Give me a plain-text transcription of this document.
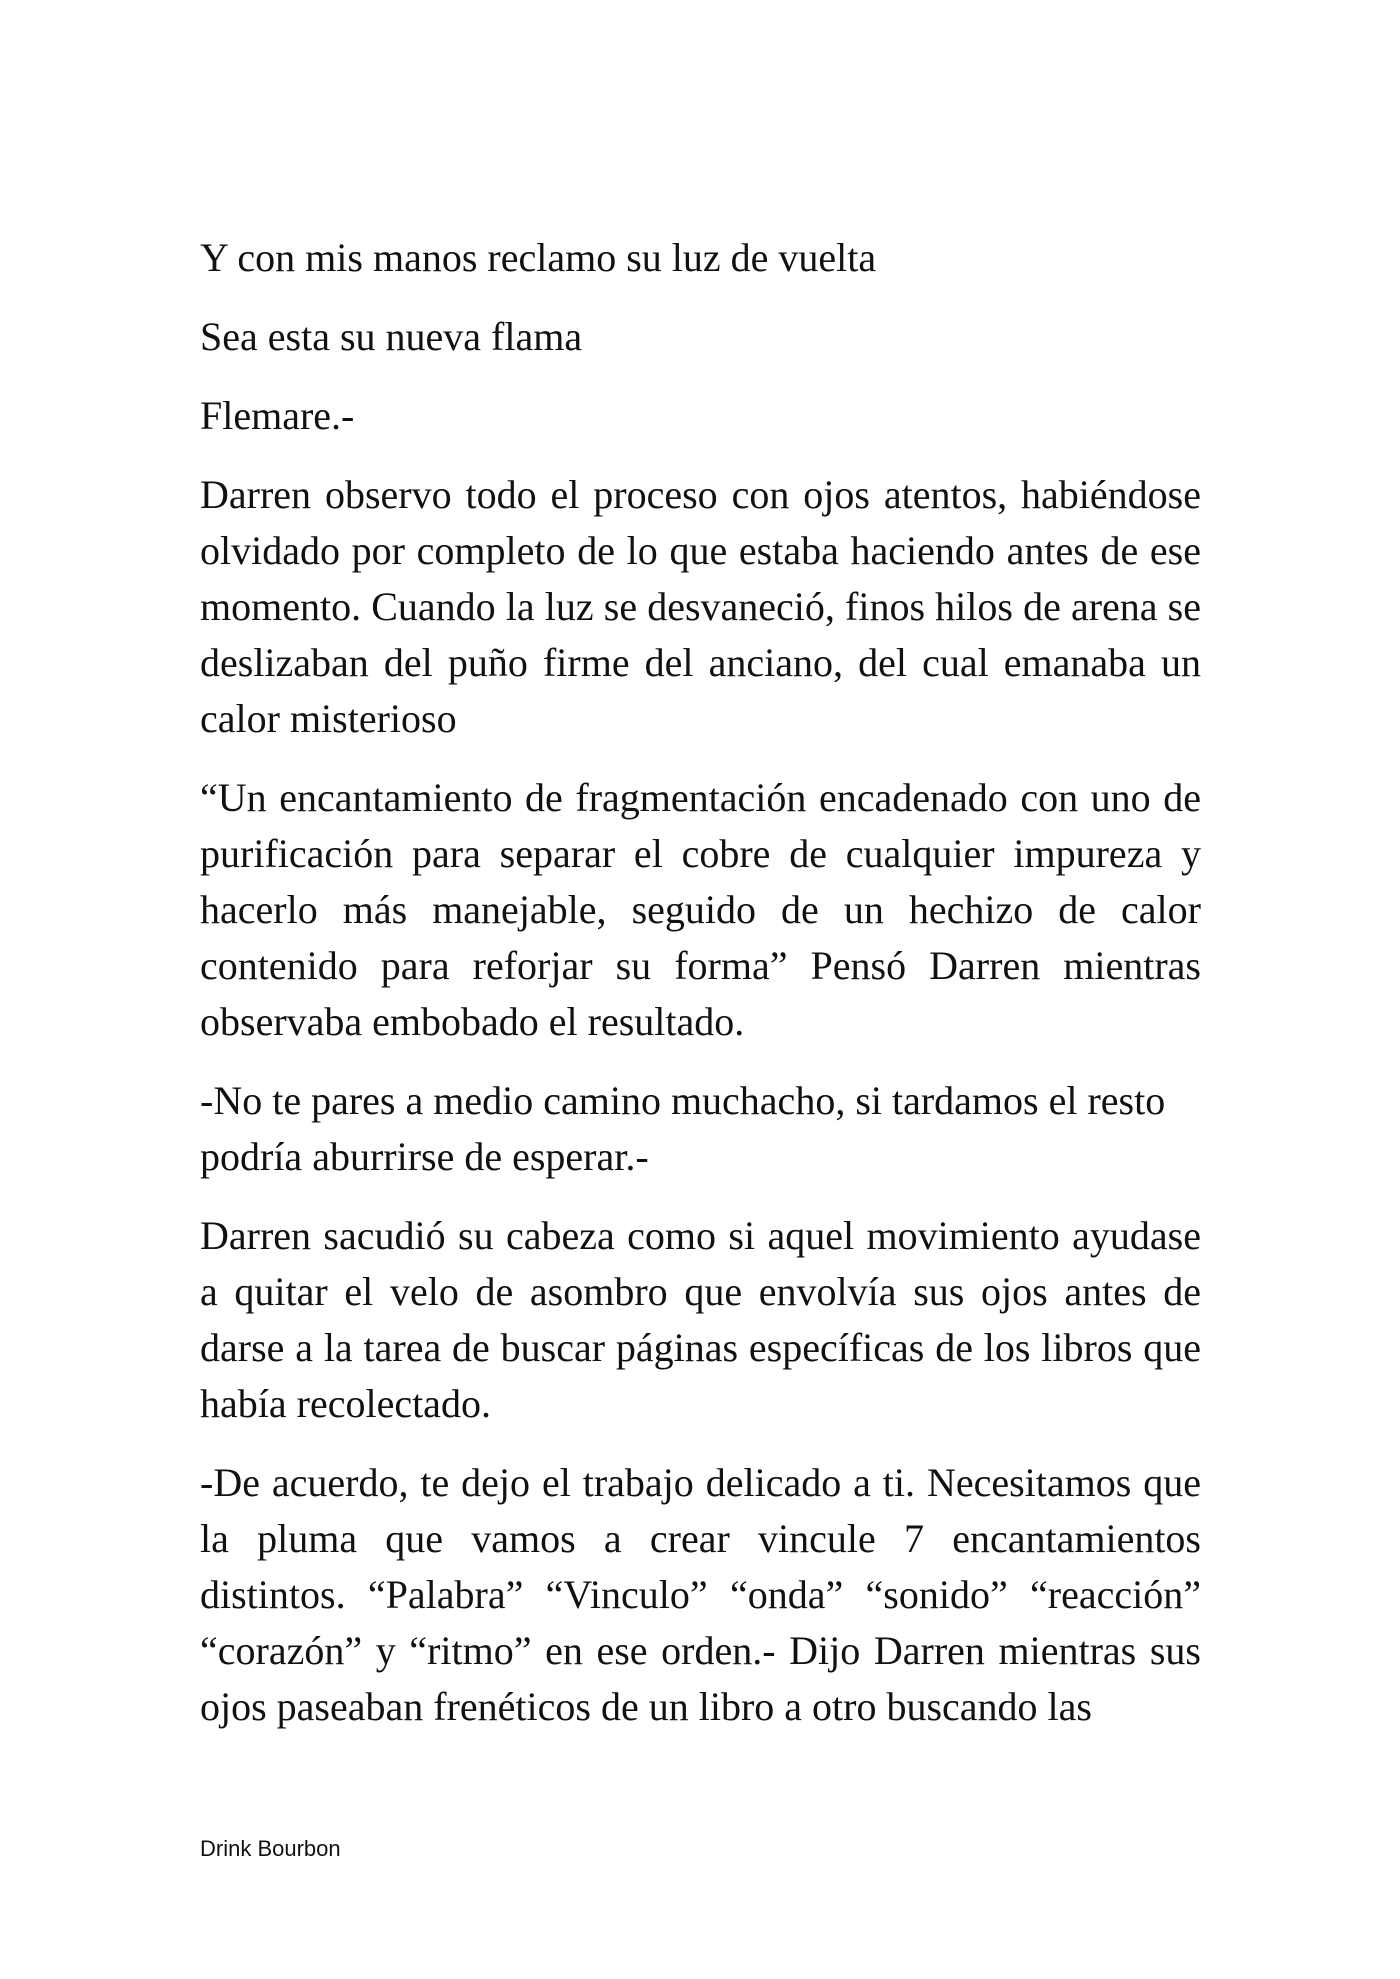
Y con mis manos reclamo su luz de vuelta

Sea esta su nueva flama

Flemare.-

Darren observo todo el proceso con ojos atentos, habiéndose olvidado por completo de lo que estaba haciendo antes de ese momento. Cuando la luz se desvaneció, finos hilos de arena se deslizaban del puño firme del anciano, del cual emanaba un calor misterioso

“Un encantamiento de fragmentación encadenado con uno de purificación para separar el cobre de cualquier impureza y hacerlo más manejable, seguido de un hechizo de calor contenido para reforjar su forma” Pensó Darren mientras observaba embobado el resultado.

-No te pares a medio camino muchacho, si tardamos el resto podría aburrirse de esperar.-

Darren sacudió su cabeza como si aquel movimiento ayudase a quitar el velo de asombro que envolvía sus ojos antes de darse a la tarea de buscar páginas específicas de los libros que había recolectado.

-De acuerdo, te dejo el trabajo delicado a ti. Necesitamos que la pluma que vamos a crear vincule 7 encantamientos distintos. “Palabra” “Vinculo” “onda” “sonido” “reacción” “corazón” y “ritmo” en ese orden.- Dijo Darren mientras sus ojos paseaban frenéticos de un libro a otro buscando las

Drink Bourbon
